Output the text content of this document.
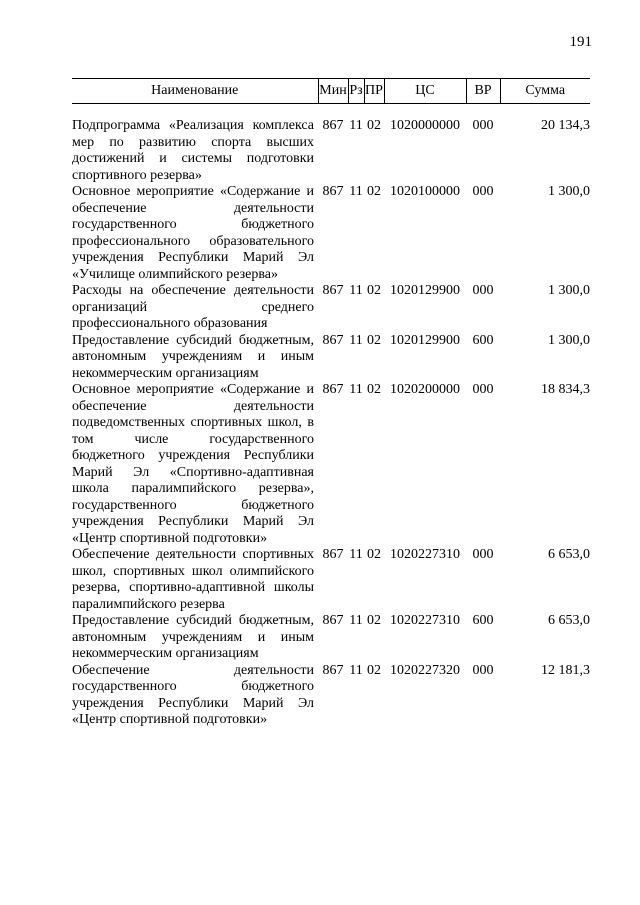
191
Наименование	Мин	Рз	ПР	ЦС	ВР	Сумма

Подпрограмма «Реализация комплекса мер по развитию спорта высших достижений и системы подготовки спортивного резерва»	867	11	02	1020000000	000	20 134,3
Основное мероприятие «Содержание и обеспечение деятельности государственного бюджетного профессионального образовательного учреждения Республики Марий Эл «Училище олимпийского резерва»	867	11	02	1020100000	000	1 300,0
Расходы на обеспечение деятельности организаций среднего профессионального образования	867	11	02	1020129900	000	1 300,0
Предоставление субсидий бюджетным, автономным учреждениям и иным некоммерческим организациям	867	11	02	1020129900	600	1 300,0
Основное мероприятие «Содержание и обеспечение деятельности подведомственных спортивных школ, в том числе государственного бюджетного учреждения Республики Марий Эл «Спортивно-адаптивная школа паралимпийского резерва», государственного бюджетного учреждения Республики Марий Эл «Центр спортивной подготовки»	867	11	02	1020200000	000	18 834,3
Обеспечение деятельности спортивных школ, спортивных школ олимпийского резерва, спортивно-адаптивной школы паралимпийского резерва	867	11	02	1020227310	000	6 653,0
Предоставление субсидий бюджетным, автономным учреждениям и иным некоммерческим организациям	867	11	02	1020227310	600	6 653,0
Обеспечение деятельности государственного бюджетного учреждения Республики Марий Эл «Центр спортивной подготовки»	867	11	02	1020227320	000	12 181,3
